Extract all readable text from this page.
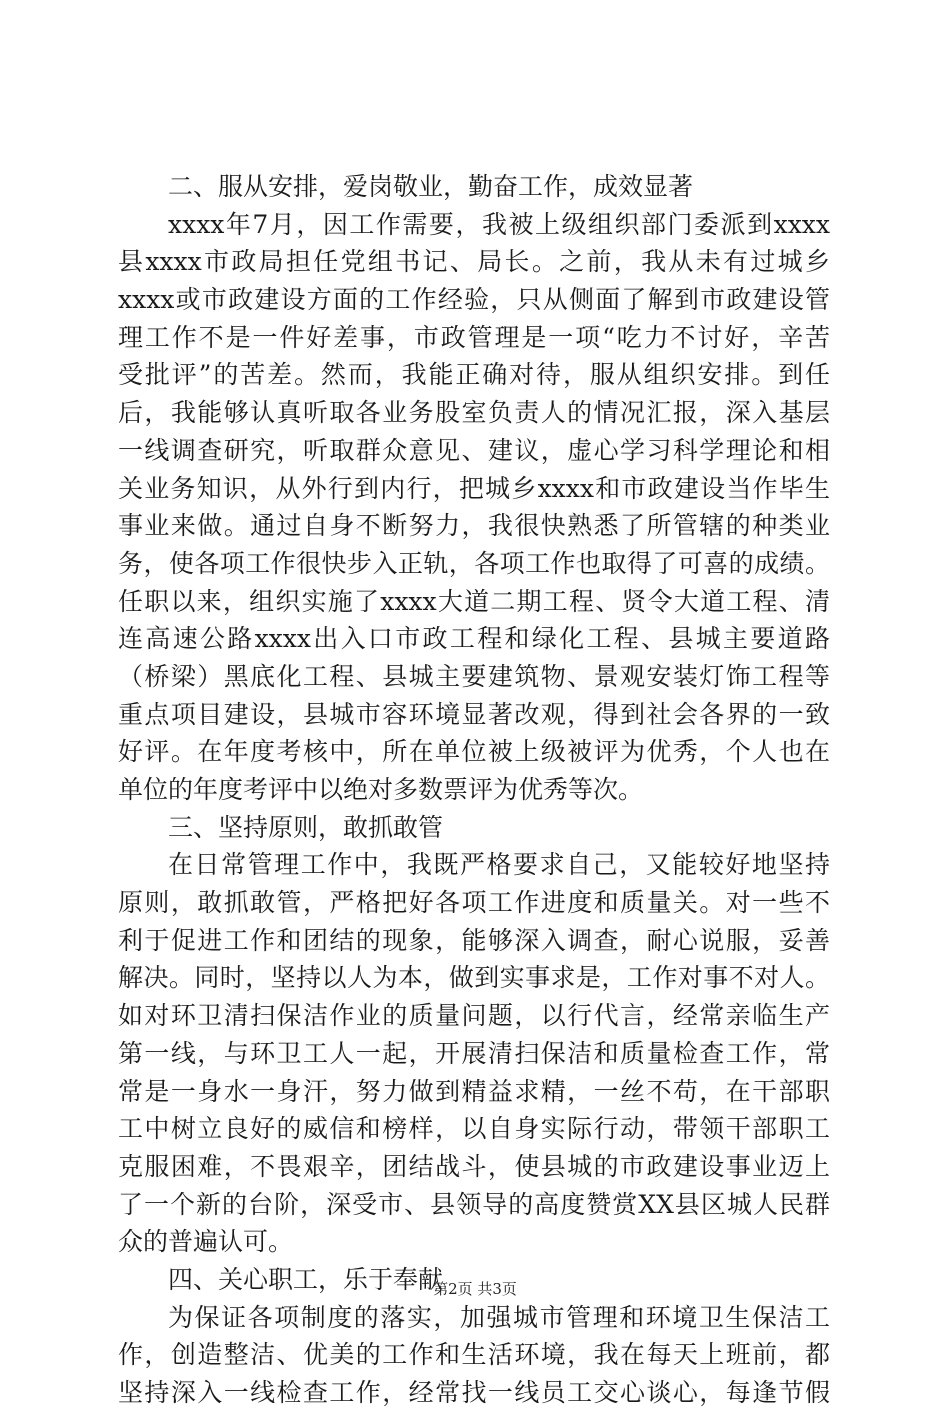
二、服从安排，爱岗敬业，勤奋工作，成效显著
xxxx年7月，因工作需要，我被上级组织部门委派到xxxx
县xxxx市政局担任党组书记、局长。之前，我从未有过城乡
xxxx或市政建设方面的工作经验，只从侧面了解到市政建设管
理工作不是一件好差事，市政管理是一项“吃力不讨好，辛苦
受批评”的苦差。然而，我能正确对待，服从组织安排。到任
后，我能够认真听取各业务股室负责人的情况汇报，深入基层
一线调查研究，听取群众意见、建议，虚心学习科学理论和相
关业务知识，从外行到内行，把城乡xxxx和市政建设当作毕生
事业来做。通过自身不断努力，我很快熟悉了所管辖的种类业
务，使各项工作很快步入正轨，各项工作也取得了可喜的成绩。
任职以来，组织实施了xxxx大道二期工程、贤令大道工程、清
连高速公路xxxx出入口市政工程和绿化工程、县城主要道路
（桥梁）黑底化工程、县城主要建筑物、景观安装灯饰工程等
重点项目建设，县城市容环境显著改观，得到社会各界的一致
好评。在年度考核中，所在单位被上级被评为优秀，个人也在
单位的年度考评中以绝对多数票评为优秀等次。
三、坚持原则，敢抓敢管
在日常管理工作中，我既严格要求自己，又能较好地坚持
原则，敢抓敢管，严格把好各项工作进度和质量关。对一些不
利于促进工作和团结的现象，能够深入调查，耐心说服，妥善
解决。同时，坚持以人为本，做到实事求是，工作对事不对人。
如对环卫清扫保洁作业的质量问题，以行代言，经常亲临生产
第一线，与环卫工人一起，开展清扫保洁和质量检查工作，常
常是一身水一身汗，努力做到精益求精，一丝不苟，在干部职
工中树立良好的威信和榜样，以自身实际行动，带领干部职工
克服困难，不畏艰辛，团结战斗，使县城的市政建设事业迈上
了一个新的台阶，深受市、县领导的高度赞赏XX县区城人民群
众的普遍认可。
四、关心职工，乐于奉献
为保证各项制度的落实，加强城市管理和环境卫生保洁工
作，创造整洁、优美的工作和生活环境，我在每天上班前，都
坚持深入一线检查工作，经常找一线员工交心谈心，每逢节假
第2页 共3页
